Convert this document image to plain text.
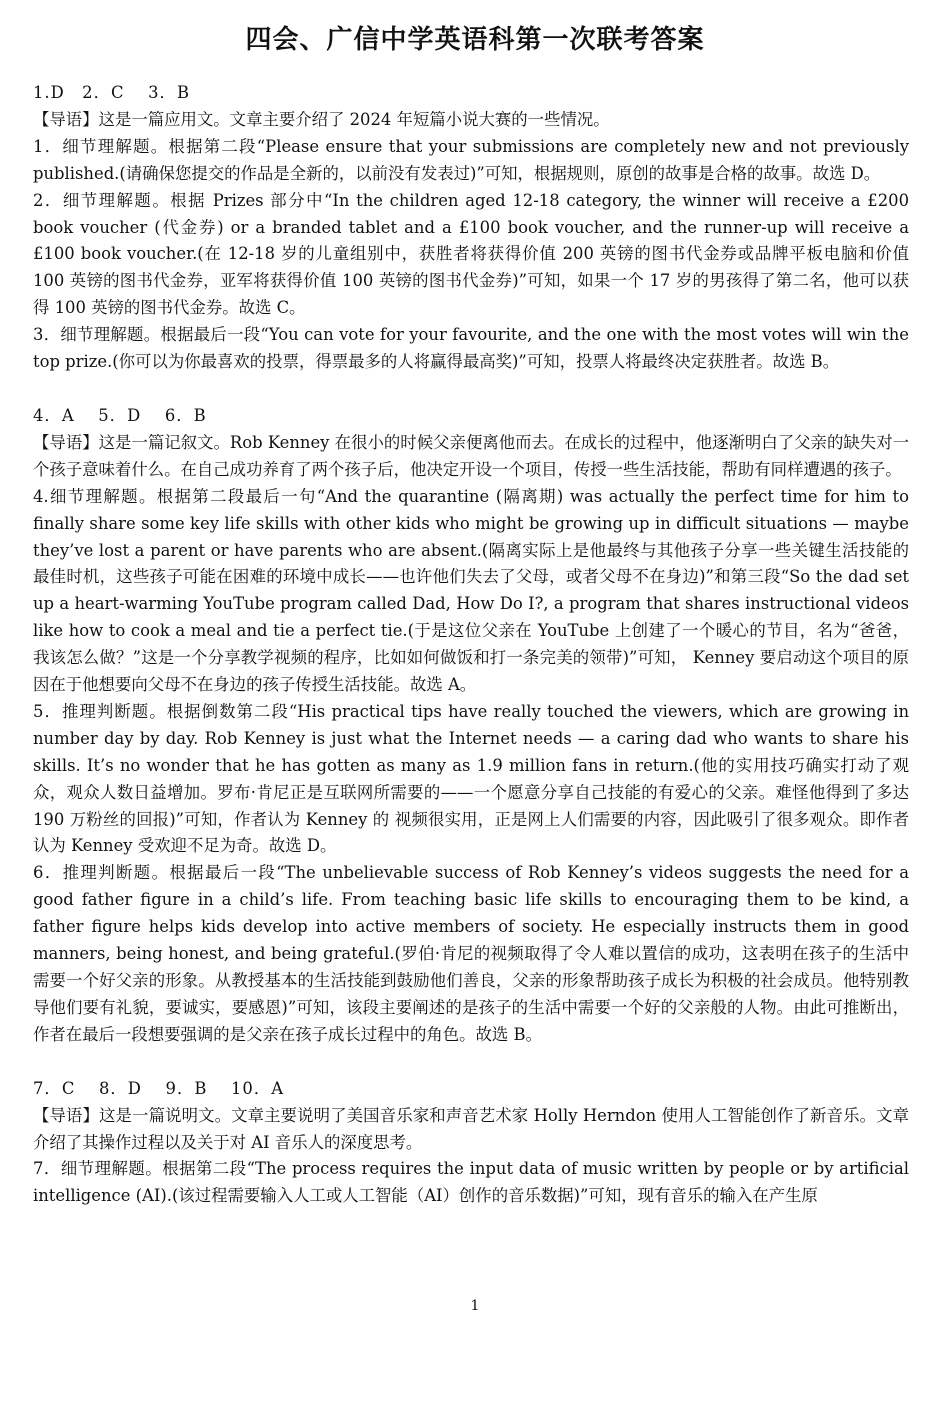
四会、广信中学英语科第一次联考答案

1.D　2．C　 3．B

【导语】这是一篇应用文。文章主要介绍了 2024 年短篇小说大赛的一些情况。

1．细节理解题。根据第二段“Please ensure that your submissions are completely new and not previously published.(请确保您提交的作品是全新的，以前没有发表过)”可知，根据规则，原创的故事是合格的故事。故选 D。

2．细节理解题。根据 Prizes 部分中“In the children aged 12-18 category, the winner will receive a £200 book voucher (代金券) or a branded tablet and a £100 book voucher, and the runner-up will receive a £100 book voucher.(在 12-18 岁的儿童组别中，获胜者将获得价值 200 英镑的图书代金券或品牌平板电脑和价值 100 英镑的图书代金券，亚军将获得价值 100 英镑的图书代金券)”可知，如果一个 17 岁的男孩得了第二名，他可以获得 100 英镑的图书代金券。故选 C。

3．细节理解题。根据最后一段“You can vote for your favourite, and the one with the most votes will win the top prize.(你可以为你最喜欢的投票，得票最多的人将赢得最高奖)”可知，投票人将最终决定获胜者。故选 B。

4．A　 5．D　 6．B

【导语】这是一篇记叙文。Rob Kenney 在很小的时候父亲便离他而去。在成长的过程中，他逐渐明白了父亲的缺失对一个孩子意味着什么。在自己成功养育了两个孩子后，他决定开设一个项目，传授一些生活技能，帮助有同样遭遇的孩子。

4.细节理解题。根据第二段最后一句“And the quarantine (隔离期) was actually the perfect time for him to finally share some key life skills with other kids who might be growing up in difficult situations — maybe they’ve lost a parent or have parents who are absent.(隔离实际上是他最终与其他孩子分享一些关键生活技能的最佳时机，这些孩子可能在困难的环境中成长——也许他们失去了父母，或者父母不在身边)”和第三段“So the dad set up a heart-warming YouTube program called Dad, How Do I?, a program that shares instructional videos like how to cook a meal and tie a perfect tie.(于是这位父亲在 YouTube 上创建了一个暖心的节目，名为“爸爸，我该怎么做？”这是一个分享教学视频的程序，比如如何做饭和打一条完美的领带)”可知， Kenney 要启动这个项目的原因在于他想要向父母不在身边的孩子传授生活技能。故选 A。

5．推理判断题。根据倒数第二段“His practical tips have really touched the viewers, which are growing in number day by day. Rob Kenney is just what the Internet needs — a caring dad who wants to share his skills. It’s no wonder that he has gotten as many as 1.9 million fans in return.(他的实用技巧确实打动了观众，观众人数日益增加。罗布·肯尼正是互联网所需要的——一个愿意分享自己技能的有爱心的父亲。难怪他得到了多达 190 万粉丝的回报)”可知，作者认为 Kenney 的 视频很实用，正是网上人们需要的内容，因此吸引了很多观众。即作者认为 Kenney 受欢迎不足为奇。故选 D。

6．推理判断题。根据最后一段“The unbelievable success of Rob Kenney’s videos suggests the need for a good father figure in a child’s life. From teaching basic life skills to encouraging them to be kind, a father figure helps kids develop into active members of society. He especially instructs them in good manners, being honest, and being grateful.(罗伯·肯尼的视频取得了令人难以置信的成功，这表明在孩子的生活中需要一个好父亲的形象。从教授基本的生活技能到鼓励他们善良，父亲的形象帮助孩子成长为积极的社会成员。他特别教导他们要有礼貌，要诚实，要感恩)”可知，该段主要阐述的是孩子的生活中需要一个好的父亲般的人物。由此可推断出，作者在最后一段想要强调的是父亲在孩子成长过程中的角色。故选 B。

7．C　 8．D　 9．B　 10．A

【导语】这是一篇说明文。文章主要说明了美国音乐家和声音艺术家 Holly Herndon 使用人工智能创作了新音乐。文章介绍了其操作过程以及关于对 AI 音乐人的深度思考。

7．细节理解题。根据第二段“The process requires the input data of music written by people or by artificial intelligence (AI).(该过程需要输入人工或人工智能（AI）创作的音乐数据)”可知，现有音乐的输入在产生原

1
